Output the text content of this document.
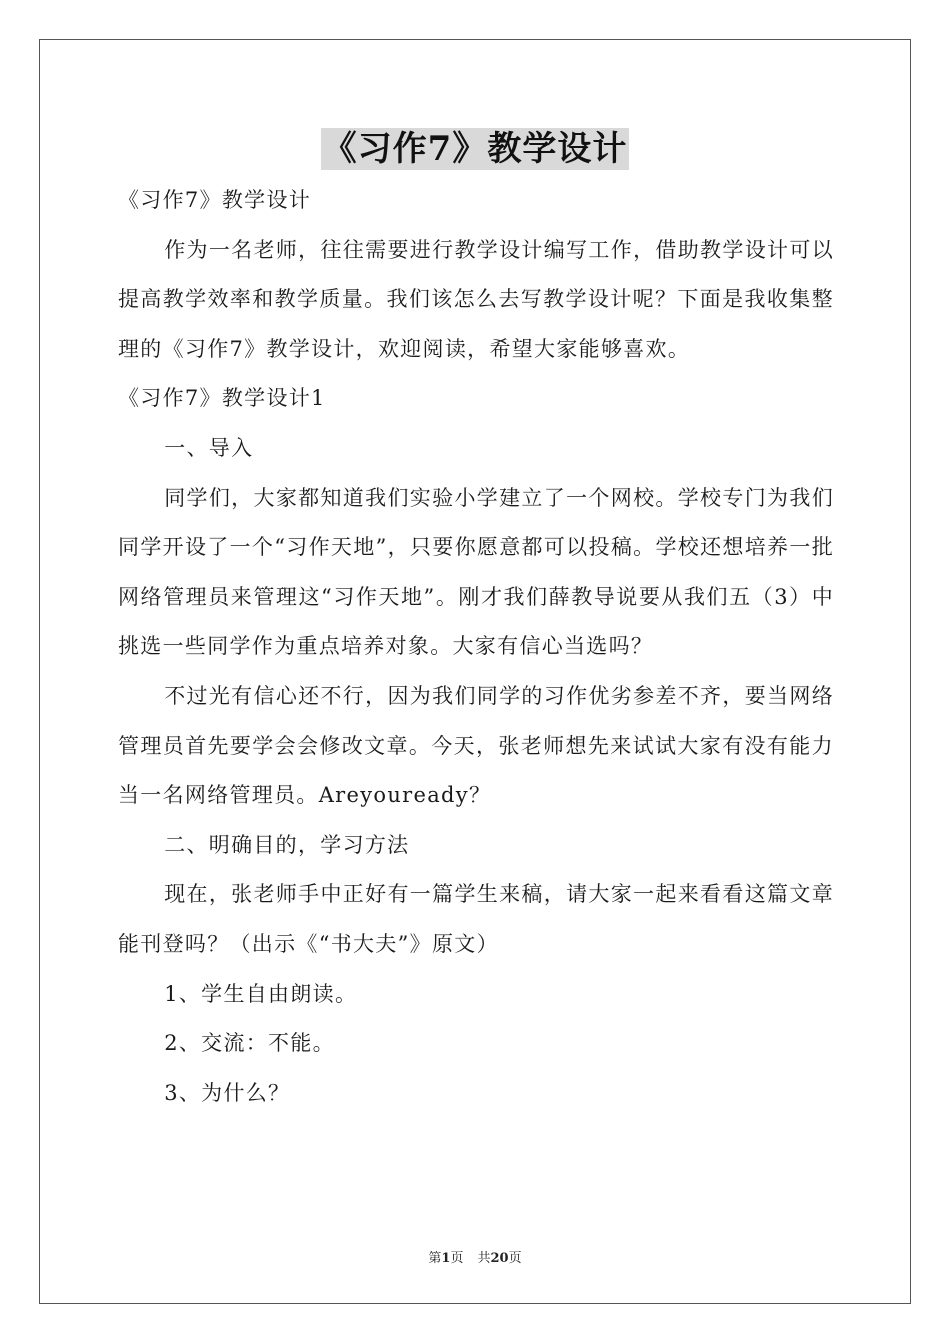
《习作7》教学设计

《习作7》教学设计

作为一名老师，往往需要进行教学设计编写工作，借助教学设计可以提高教学效率和教学质量。我们该怎么去写教学设计呢？下面是我收集整理的《习作7》教学设计，欢迎阅读，希望大家能够喜欢。

《习作7》教学设计1

一、导入

同学们，大家都知道我们实验小学建立了一个网校。学校专门为我们同学开设了一个“习作天地”，只要你愿意都可以投稿。学校还想培养一批网络管理员来管理这“习作天地”。刚才我们薛教导说要从我们五（3）中挑选一些同学作为重点培养对象。大家有信心当选吗？

不过光有信心还不行，因为我们同学的习作优劣参差不齐，要当网络管理员首先要学会会修改文章。今天，张老师想先来试试大家有没有能力当一名网络管理员。Areyouready？

二、明确目的，学习方法

现在，张老师手中正好有一篇学生来稿，请大家一起来看看这篇文章能刊登吗？（出示《“书大夫”》原文）

1、学生自由朗读。

2、交流：不能。

3、为什么？

第1页 共20页
